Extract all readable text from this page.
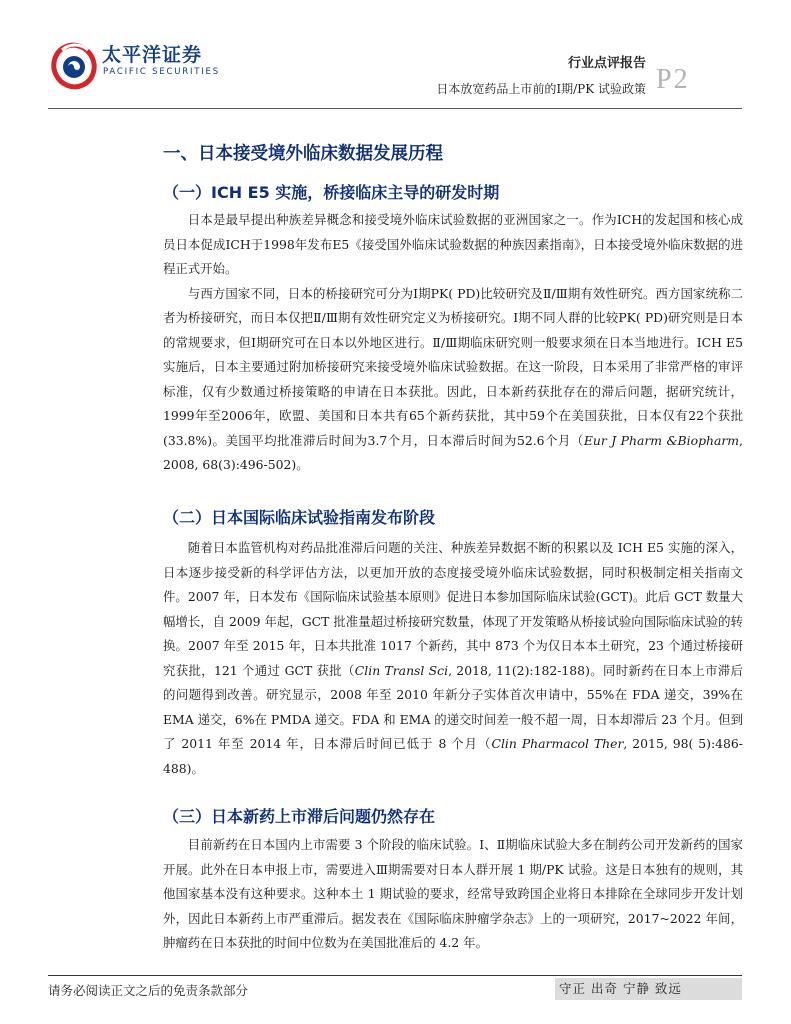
太平洋证券
PACIFIC SECURITIES
行业点评报告
日本放宽药品上市前的Ⅰ期/PK 试验政策 P2
一、日本接受境外临床数据发展历程
（一）ICH E5 实施，桥接临床主导的研发时期

日本是最早提出种族差异概念和接受境外临床试验数据的亚洲国家之一。作为ICH的发起国和核心成员日本促成ICH于1998年发布E5《接受国外临床试验数据的种族因素指南》，日本接受境外临床数据的进程正式开始。

与西方国家不同，日本的桥接研究可分为Ⅰ期PK( PD)比较研究及Ⅱ/Ⅲ期有效性研究。西方国家统称二者为桥接研究，而日本仅把Ⅱ/Ⅲ期有效性研究定义为桥接研究。Ⅰ期不同人群的比较PK( PD)研究则是日本的常规要求，但Ⅰ期研究可在日本以外地区进行。Ⅱ/Ⅲ期临床研究则一般要求须在日本当地进行。ICH E5实施后，日本主要通过附加桥接研究来接受境外临床试验数据。在这一阶段，日本采用了非常严格的审评标准，仅有少数通过桥接策略的申请在日本获批。因此，日本新药获批存在的滞后问题，据研究统计，1999年至2006年，欧盟、美国和日本共有65个新药获批，其中59个在美国获批，日本仅有22个获批(33.8%)。美国平均批准滞后时间为3.7个月，日本滞后时间为52.6个月（Eur J Pharm &Biopharm, 2008, 68(3):496-502)。

（二）日本国际临床试验指南发布阶段

随着日本监管机构对药品批准滞后问题的关注、种族差异数据不断的积累以及 ICH E5 实施的深入，日本逐步接受新的科学评估方法，以更加开放的态度接受境外临床试验数据，同时积极制定相关指南文件。2007 年，日本发布《国际临床试验基本原则》促进日本参加国际临床试验(GCT)。此后 GCT 数量大幅增长，自 2009 年起，GCT 批准量超过桥接研究数量，体现了开发策略从桥接试验向国际临床试验的转换。2007 年至 2015 年，日本共批准 1017 个新药，其中 873 个为仅日本本土研究，23 个通过桥接研究获批，121 个通过 GCT 获批（Clin Transl Sci, 2018, 11(2):182-188)。同时新药在日本上市滞后的问题得到改善。研究显示，2008 年至 2010 年新分子实体首次申请中，55%在 FDA 递交，39%在 EMA 递交，6%在 PMDA 递交。FDA 和 EMA 的递交时间差一般不超一周，日本却滞后 23 个月。但到了 2011 年至 2014 年，日本滞后时间已低于 8 个月（Clin Pharmacol Ther, 2015, 98( 5):486-488)。

（三）日本新药上市滞后问题仍然存在

目前新药在日本国内上市需要 3 个阶段的临床试验。Ⅰ、Ⅱ期临床试验大多在制药公司开发新药的国家开展。此外在日本申报上市，需要进入Ⅲ期需要对日本人群开展 1 期/PK 试验。这是日本独有的规则，其他国家基本没有这种要求。这种本土 1 期试验的要求，经常导致跨国企业将日本排除在全球同步开发计划外，因此日本新药上市严重滞后。据发表在《国际临床肿瘤学杂志》上的一项研究，2017~2022 年间，肿瘤药在日本获批的时间中位数为在美国批准后的 4.2 年。

请务必阅读正文之后的免责条款部分	守正 出奇 宁静 致远
